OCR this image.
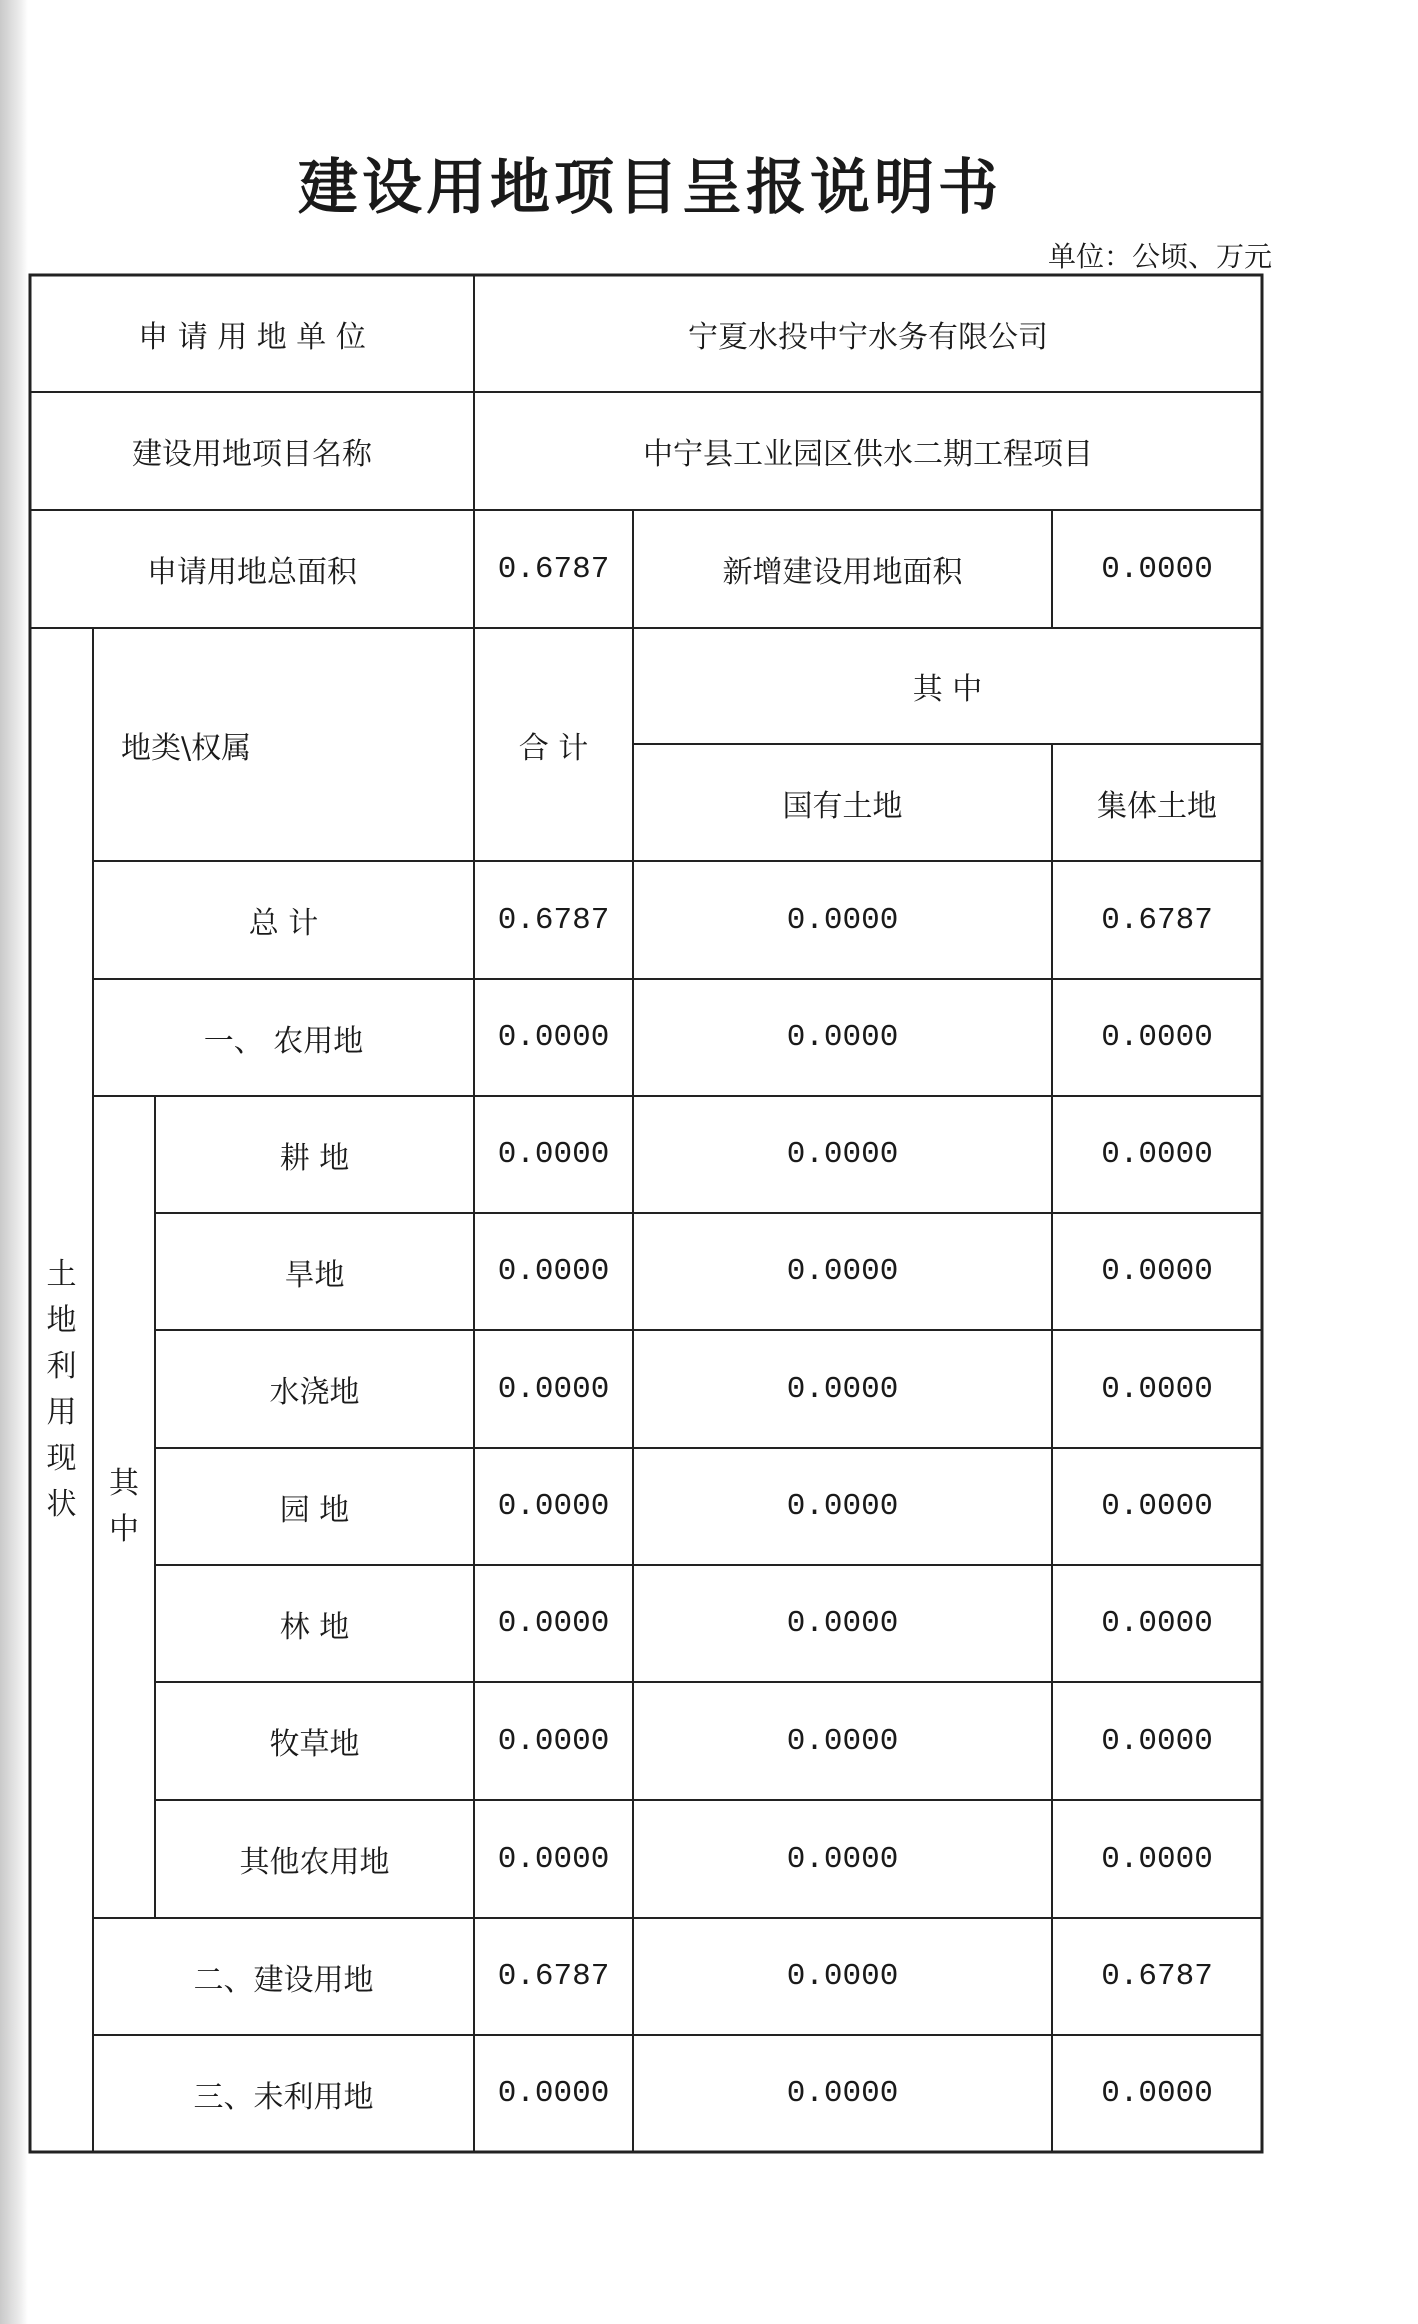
建设用地项目呈报说明书
单位：公顷、万元
申 请 用 地 单 位	宁夏水投中宁水务有限公司
建设用地项目名称	中宁县工业园区供水二期工程项目
申请用地总面积	0.6787	新增建设用地面积	0.0000
土
地
利
用
现
状
其
中
地类\权属	合 计
其 中
国有土地	集体土地
总 计	0.6787	0.0000	0.6787
一、 农用地	0.0000	0.0000	0.0000
耕 地	0.0000	0.0000	0.0000
旱地	0.0000	0.0000	0.0000
水浇地	0.0000	0.0000	0.0000
园 地	0.0000	0.0000	0.0000
林 地	0.0000	0.0000	0.0000
牧草地	0.0000	0.0000	0.0000
其他农用地	0.0000	0.0000	0.0000
二、建设用地	0.6787	0.0000	0.6787
三、未利用地	0.0000	0.0000	0.0000
